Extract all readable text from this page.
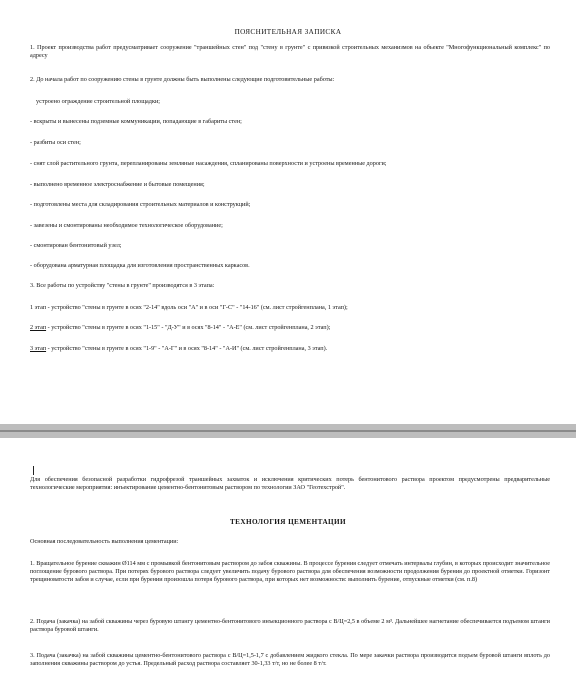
ПОЯСНИТЕЛЬНАЯ ЗАПИСКА

1. Проект производства работ предусматривает сооружение "траншейных стен" под "стену в грунте" с привязкой строительных механизмов на объекте "Многофункциональный комплекс" по адресу

2. До начала работ по сооружению стены в грунте должны быть выполнены следующие подготовительные работы:

устроено ограждение строительной площадки;

- вскрыты и вынесены подземные коммуникации, попадающие в габариты стен;

- разбиты оси стен;

- снят слой растительного грунта, перепланированы земляные насаждения, спланированы поверхности и устроены временные дороги;

- выполнено временное электроснабжение и бытовые помещения;

- подготовлены места для складирования строительных материалов и конструкций;

- завезены и смонтированы необходимое технологическое оборудование;

- смонтирован бентонитовый узел;

- оборудована арматурная площадка для изготовления пространственных каркасов.

3. Все работы по устройству "стены в грунте" производятся в 3 этапа:

1 этап - устройство "стены в грунте в осях "2-14" вдоль оси "А" и в оси "Г-С" - "14-16" (см. лист стройгенплана, 1 этап);

2 этап - устройство "стены в грунте в осях "1-15" - "Д-У" и в осях "8-14" - "А-Е" (см. лист стройгенплана, 2 этап);

3 этап - устройство "стены в грунте в осях "1-9" - "А-Г" и в осях "8-14" - "А-И" (см. лист стройгенплана, 3 этап).

Для обеспечения безопасной разработки гидрофрезой траншейных захваток и исключения критических потерь бентонитового раствора проектом предусмотрены предварительные технологические мероприятия: инъектирование цементно-бентонитовым раствором по технологии ЗАО "Геотехстрой".

ТЕХНОЛОГИЯ ЦЕМЕНТАЦИИ

Основная последовательность выполнения цементации:

1. Вращательное бурение скважин Ø114 мм с промывкой бентонитовым раствором до забоя скважины. В процессе бурения следует отмечать интервалы глубин, в которых происходит значительное поглощение бурового раствора. При потерях бурового раствора следует увеличить подачу бурового раствора для обеспечения возможности продолжения бурения до проектной отметки. Горизонт трещиноватости забоя и случае, если при бурении произошла потеря бурового раствора, при которых нет возможности: выполнить бурение, отпускные отметки (см. п.8)

2. Подача (закачка) на забой скважины через буровую штангу цементно-бентонитового инъекционного раствора с В/Ц=2,5 в объеме 2 м³. Дальнейшее нагнетание обеспечивается подъемом штанги раствора буровой штанги.

3. Подача (закачка) на забой скважины цементно-бентонитового раствора с В/Ц=1,5-1,7 с добавлением жидкого стекла. По мере закачки раствора производится подъем буровой штанги вплоть до заполнения скважины раствором до устья. Предельный расход раствора составляет 30-1,33 т/т, но не более 8 т/т.
